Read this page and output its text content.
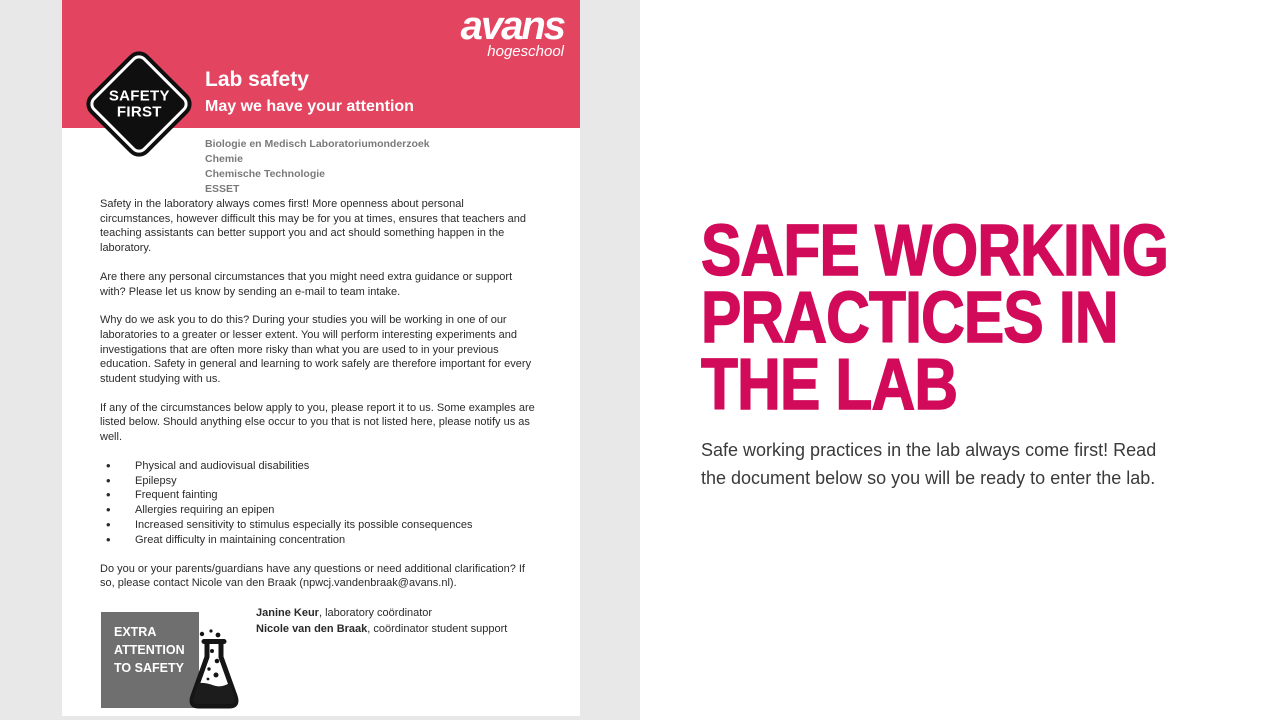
avans
hogeschool
Lab safety
May we have your attention
SAFETY
FIRST
Biologie en Medisch Laboratoriumonderzoek
Chemie
Chemische Technologie
ESSET

Safety in the laboratory always comes first! More openness about personal circumstances, however difficult this may be for you at times, ensures that teachers and teaching assistants can better support you and act should something happen in the laboratory.

Are there any personal circumstances that you might need extra guidance or support with? Please let us know by sending an e-mail to team intake.

Why do we ask you to do this? During your studies you will be working in one of our laboratories to a greater or lesser extent. You will perform interesting experiments and investigations that are often more risky than what you are used to in your previous education. Safety in general and learning to work safely are therefore important for every student studying with us.

If any of the circumstances below apply to you, please report it to us. Some examples are listed below. Should anything else occur to you that is not listed here, please notify us as well.

• Physical and audiovisual disabilities
• Epilepsy
• Frequent fainting
• Allergies requiring an epipen
• Increased sensitivity to stimulus especially its possible consequences
• Great difficulty in maintaining concentration

Do you or your parents/guardians have any questions or need additional clarification? If so, please contact Nicole van den Braak (npwcj.vandenbraak@avans.nl).

EXTRA
ATTENTION
TO SAFETY
Janine Keur, laboratory coördinator
Nicole van den Braak, coördinator student support
SAFE WORKING
PRACTICES IN
THE LAB

Safe working practices in the lab always come first! Read the document below so you will be ready to enter the lab.
